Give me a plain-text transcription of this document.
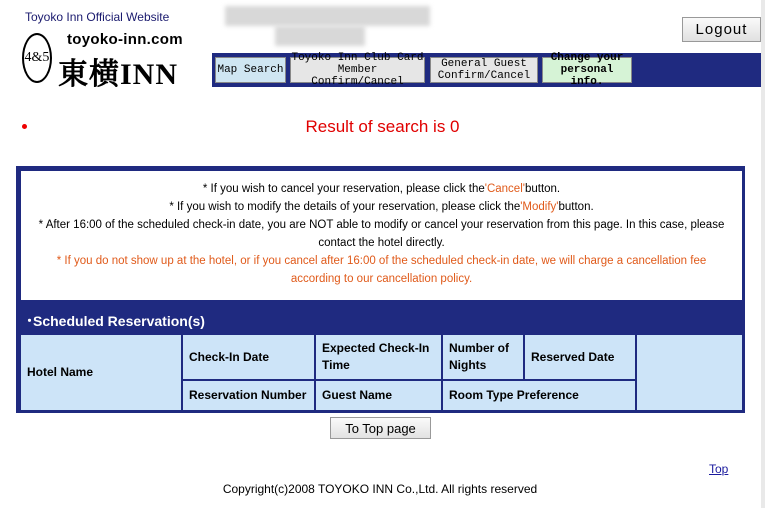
Toyoko Inn Official Website
toyoko-inn.com
4&5
東横INN
Logout
Map Search
Toyoko Inn Club Card Member Confirm/Cancel
General Guest Confirm/Cancel
Change your personal info.
Result of search is 0
* If you wish to cancel your reservation, please click the'Cancel'button.
* If you wish to modify the details of your reservation, please click the'Modify'button.
* After 16:00 of the scheduled check-in date, you are NOT able to modify or cancel your reservation from this page. In this case, please contact the hotel directly.
* If you do not show up at the hotel, or if you cancel after 16:00 of the scheduled check-in date, we will charge a cancellation fee according to our cancellation policy.
･Scheduled Reservation(s)
Hotel Name
Check-In Date
Expected Check-In Time
Number of Nights
Reserved Date
Reservation Number	Guest Name	Room Type Preference
To Top page
Top
Copyright(c)2008 TOYOKO INN Co.,Ltd. All rights reserved
